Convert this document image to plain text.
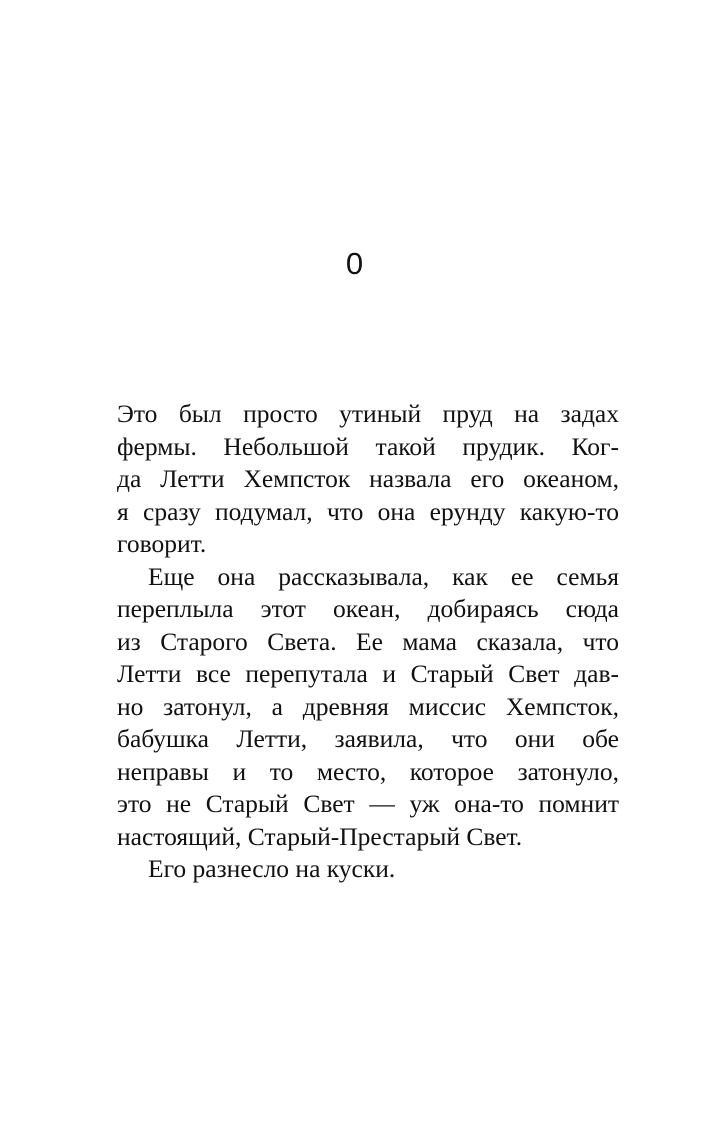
0
Это был просто утиный пруд на задах
фермы. Небольшой такой прудик. Ког-
да Летти Хемпсток назвала его океаном,
я сразу подумал, что она ерунду какую-то
говорит.
Еще она рассказывала, как ее семья
переплыла этот океан, добираясь сюда
из Старого Света. Ее мама сказала, что
Летти все перепутала и Старый Свет дав-
но затонул, а древняя миссис Хемпсток,
бабушка Летти, заявила, что они обе
неправы и то место, которое затонуло,
это не Старый Свет — уж она-то помнит
настоящий, Старый-Престарый Свет.
Его разнесло на куски.
